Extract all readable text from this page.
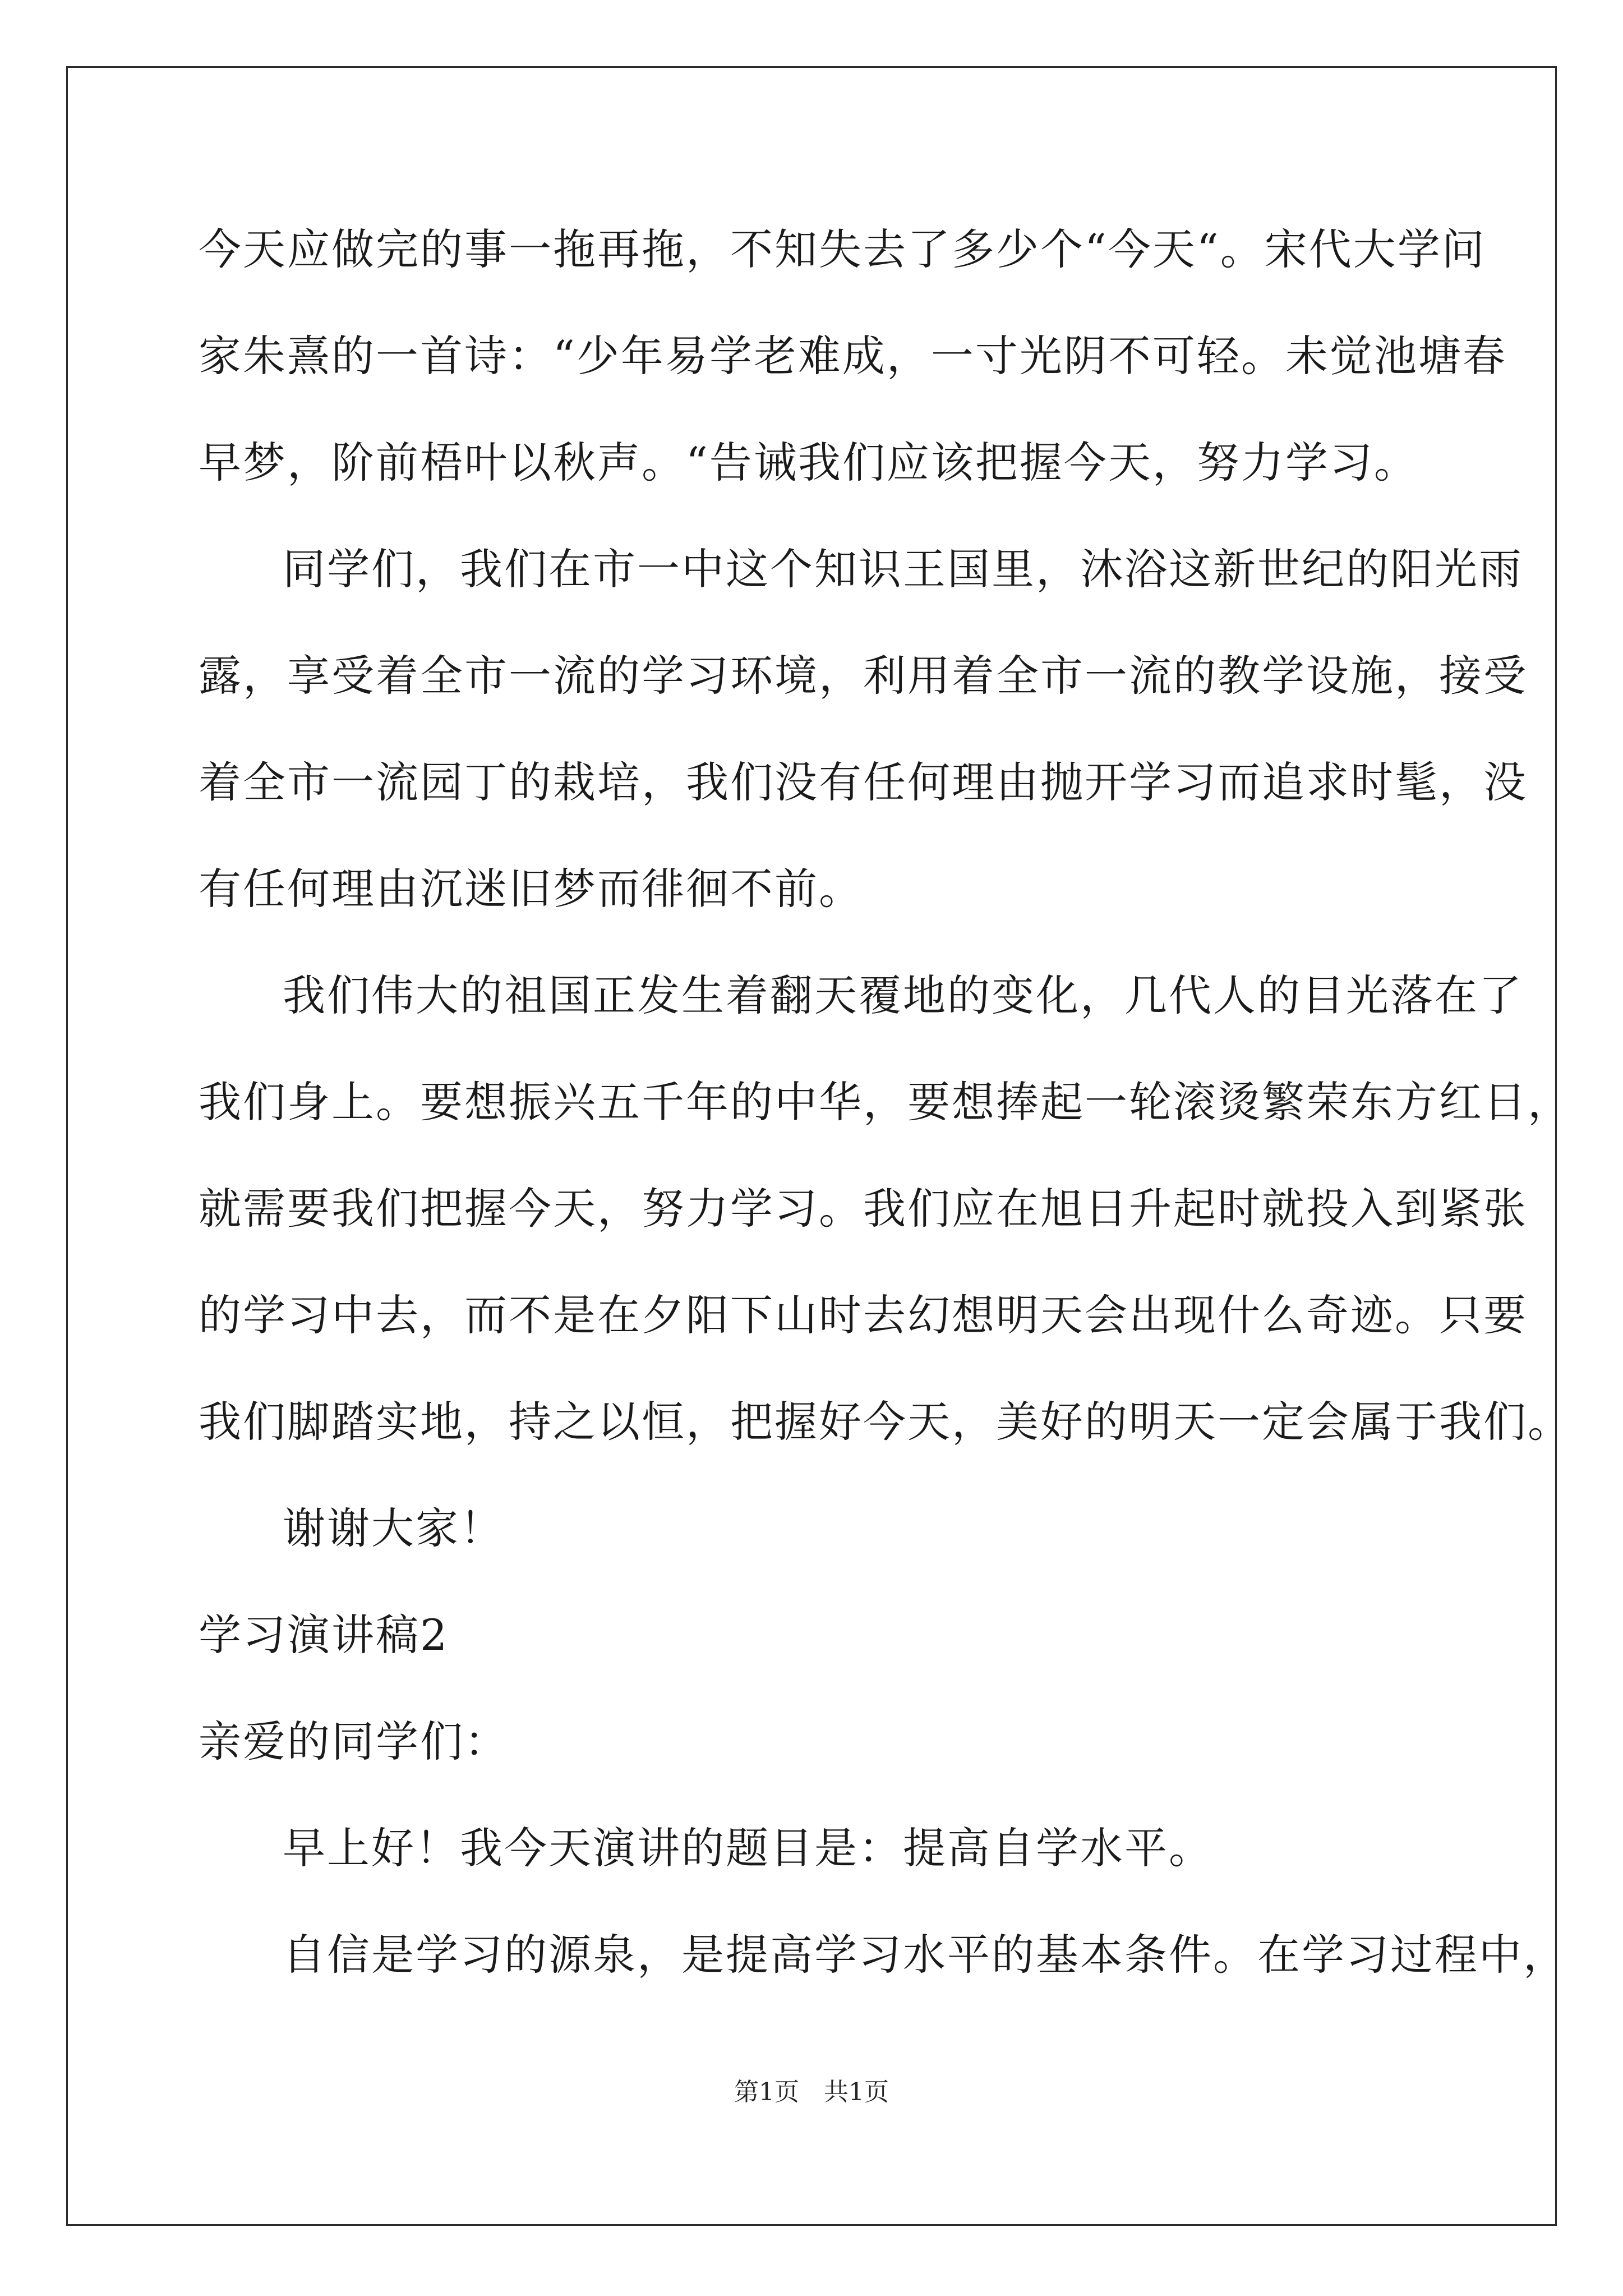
今天应做完的事一拖再拖，不知失去了多少个“今天“。宋代大学问
家朱熹的一首诗：“少年易学老难成，一寸光阴不可轻。未觉池塘春
早梦，阶前梧叶以秋声。“告诫我们应该把握今天，努力学习。
同学们，我们在市一中这个知识王国里，沐浴这新世纪的阳光雨
露，享受着全市一流的学习环境，利用着全市一流的教学设施，接受
着全市一流园丁的栽培，我们没有任何理由抛开学习而追求时髦，没
有任何理由沉迷旧梦而徘徊不前。
我们伟大的祖国正发生着翻天覆地的变化，几代人的目光落在了
我们身上。要想振兴五千年的中华，要想捧起一轮滚烫繁荣东方红日，
就需要我们把握今天，努力学习。我们应在旭日升起时就投入到紧张
的学习中去，而不是在夕阳下山时去幻想明天会出现什么奇迹。只要
我们脚踏实地，持之以恒，把握好今天，美好的明天一定会属于我们。
谢谢大家！
学习演讲稿2
亲爱的同学们：
早上好！我今天演讲的题目是：提高自学水平。
自信是学习的源泉，是提高学习水平的基本条件。在学习过程中，
第1页　共1页
